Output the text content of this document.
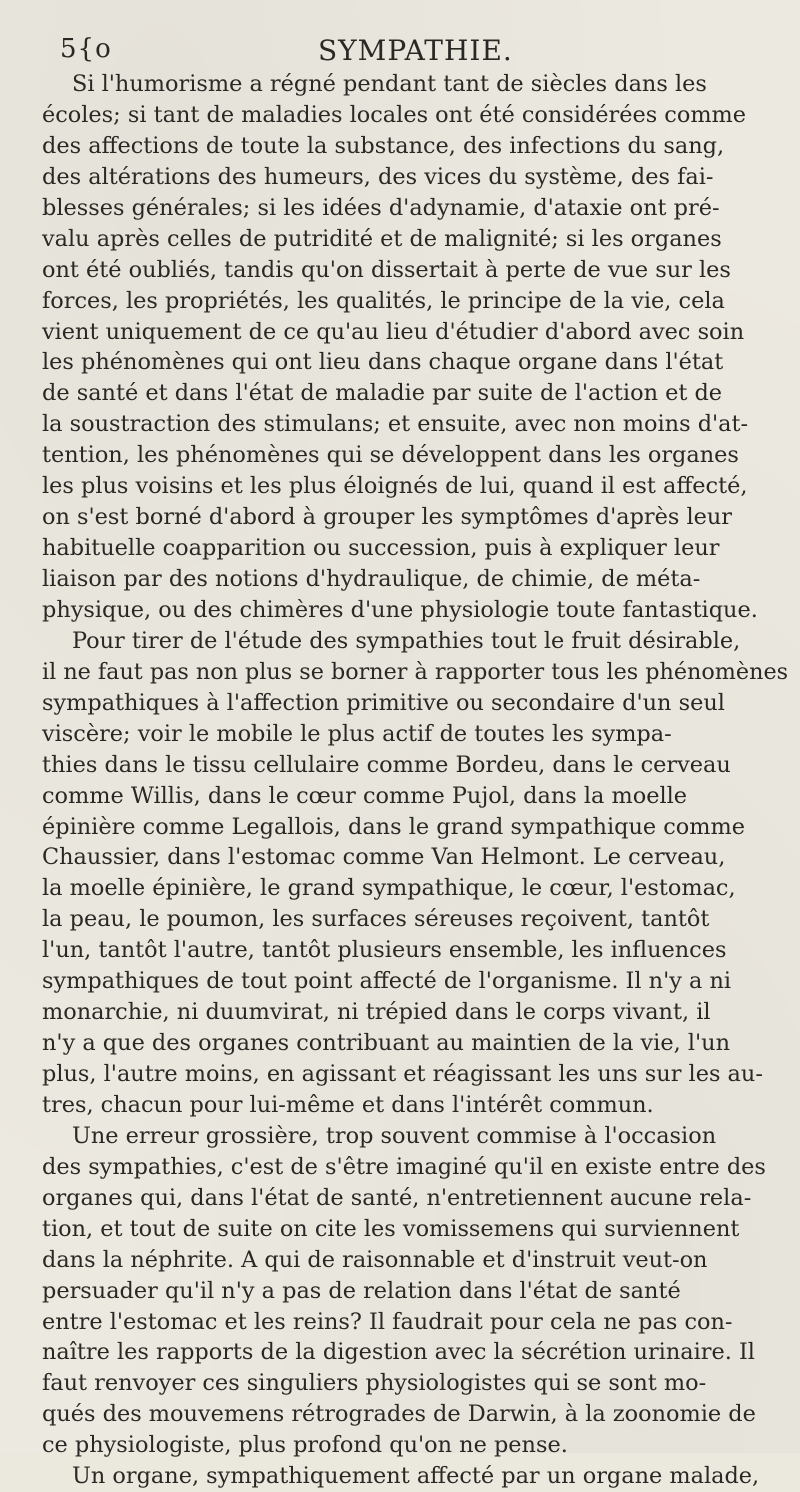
5{o	SYMPATHIE.
Si l'humorisme a régné pendant tant de siècles dans les
écoles; si tant de maladies locales ont été considérées comme
des affections de toute la substance, des infections du sang,
des altérations des humeurs, des vices du système, des fai-
blesses générales; si les idées d'adynamie, d'ataxie ont pré-
valu après celles de putridité et de malignité; si les organes
ont été oubliés, tandis qu'on dissertait à perte de vue sur les
forces, les propriétés, les qualités, le principe de la vie, cela
vient uniquement de ce qu'au lieu d'étudier d'abord avec soin
les phénomènes qui ont lieu dans chaque organe dans l'état
de santé et dans l'état de maladie par suite de l'action et de
la soustraction des stimulans; et ensuite, avec non moins d'at-
tention, les phénomènes qui se développent dans les organes
les plus voisins et les plus éloignés de lui, quand il est affecté,
on s'est borné d'abord à grouper les symptômes d'après leur
habituelle coapparition ou succession, puis à expliquer leur
liaison par des notions d'hydraulique, de chimie, de méta-
physique, ou des chimères d'une physiologie toute fantastique.
Pour tirer de l'étude des sympathies tout le fruit désirable,
il ne faut pas non plus se borner à rapporter tous les phénomènes
sympathiques à l'affection primitive ou secondaire d'un seul
viscère; voir le mobile le plus actif de toutes les sympa-
thies dans le tissu cellulaire comme Bordeu, dans le cerveau
comme Willis, dans le cœur comme Pujol, dans la moelle
épinière comme Legallois, dans le grand sympathique comme
Chaussier, dans l'estomac comme Van Helmont. Le cerveau,
la moelle épinière, le grand sympathique, le cœur, l'estomac,
la peau, le poumon, les surfaces séreuses reçoivent, tantôt
l'un, tantôt l'autre, tantôt plusieurs ensemble, les influences
sympathiques de tout point affecté de l'organisme. Il n'y a ni
monarchie, ni duumvirat, ni trépied dans le corps vivant, il
n'y a que des organes contribuant au maintien de la vie, l'un
plus, l'autre moins, en agissant et réagissant les uns sur les au-
tres, chacun pour lui-même et dans l'intérêt commun.
Une erreur grossière, trop souvent commise à l'occasion
des sympathies, c'est de s'être imaginé qu'il en existe entre des
organes qui, dans l'état de santé, n'entretiennent aucune rela-
tion, et tout de suite on cite les vomissemens qui surviennent
dans la néphrite. A qui de raisonnable et d'instruit veut-on
persuader qu'il n'y a pas de relation dans l'état de santé
entre l'estomac et les reins? Il faudrait pour cela ne pas con-
naître les rapports de la digestion avec la sécrétion urinaire. Il
faut renvoyer ces singuliers physiologistes qui se sont mo-
qués des mouvemens rétrogrades de Darwin, à la zoonomie de
ce physiologiste, plus profond qu'on ne pense.
Un organe, sympathiquement affecté par un organe malade,
